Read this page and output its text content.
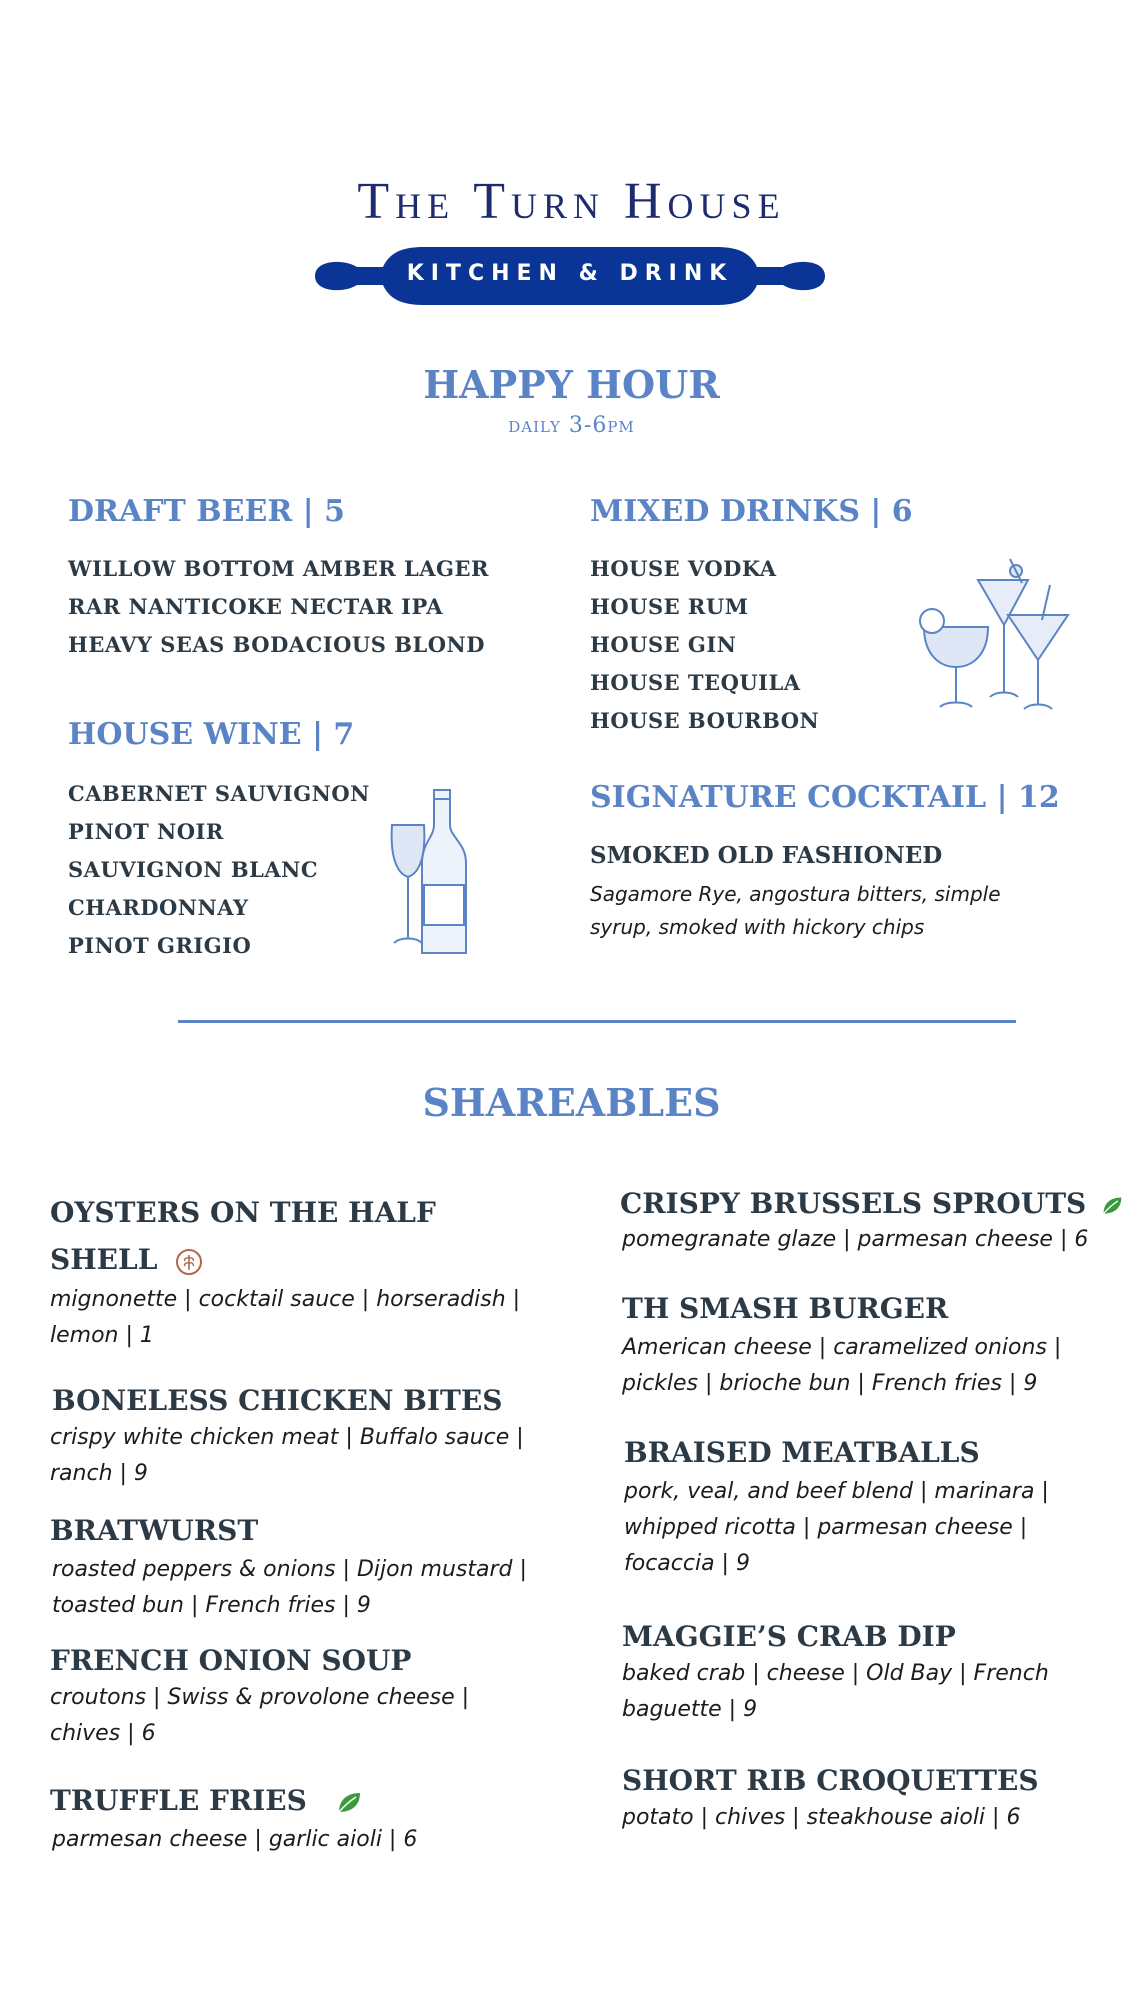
The Turn House
KITCHEN & DRINK
HAPPY HOUR
daily 3-6pm
DRAFT BEER | 5
WILLOW BOTTOM AMBER LAGER
RAR NANTICOKE NECTAR IPA
HEAVY SEAS BODACIOUS BLOND
HOUSE WINE | 7
CABERNET SAUVIGNON
PINOT NOIR
SAUVIGNON BLANC
CHARDONNAY
PINOT GRIGIO
MIXED DRINKS | 6
HOUSE VODKA
HOUSE RUM
HOUSE GIN
HOUSE TEQUILA
HOUSE BOURBON
SIGNATURE COCKTAIL | 12
SMOKED OLD FASHIONED
Sagamore Rye, angostura bitters, simple syrup, smoked with hickory chips
SHAREABLES
OYSTERS ON THE HALF
SHELL
mignonette | cocktail sauce | horseradish |
lemon | 1
BONELESS CHICKEN BITES
crispy white chicken meat | Buffalo sauce |
ranch | 9
BRATWURST
roasted peppers & onions | Dijon mustard |
toasted bun | French fries | 9
FRENCH ONION SOUP
croutons | Swiss & provolone cheese |
chives | 6
TRUFFLE FRIES
parmesan cheese | garlic aioli | 6
CRISPY BRUSSELS SPROUTS
pomegranate glaze | parmesan cheese | 6
TH SMASH BURGER
American cheese | caramelized onions |
pickles | brioche bun | French fries | 9
BRAISED MEATBALLS
pork, veal, and beef blend | marinara |
whipped ricotta | parmesan cheese |
focaccia | 9
MAGGIE’S CRAB DIP
baked crab | cheese | Old Bay | French
baguette | 9
SHORT RIB CROQUETTES
potato | chives | steakhouse aioli | 6
